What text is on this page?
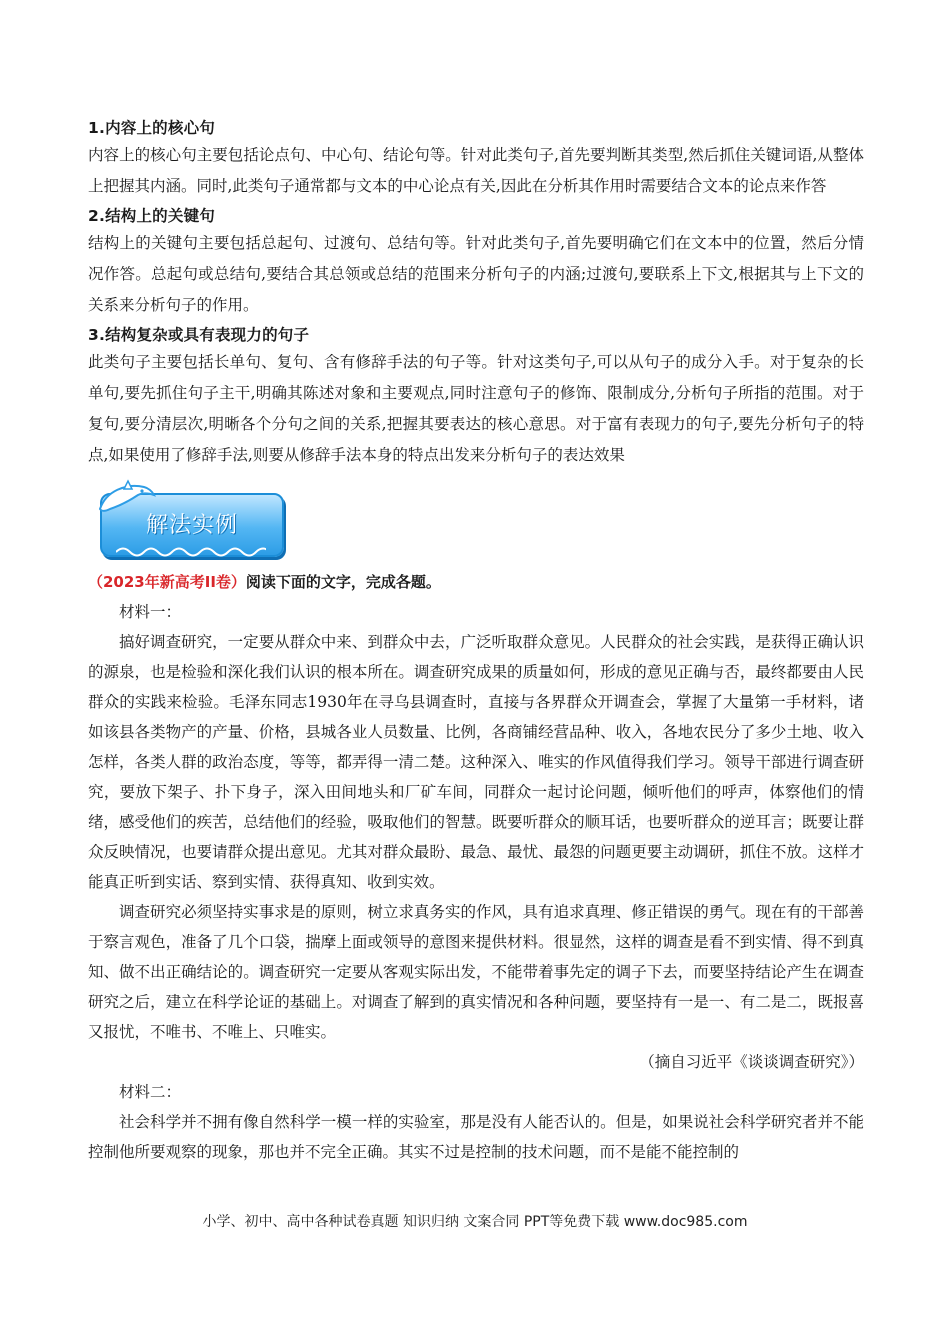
1.内容上的核心句

内容上的核心句主要包括论点句、中心句、结论句等。针对此类句子,首先要判断其类型,然后抓住关键词语,从整体上把握其内涵。同时,此类句子通常都与文本的中心论点有关,因此在分析其作用时需要结合文本的论点来作答

2.结构上的关键句

结构上的关键句主要包括总起句、过渡句、总结句等。针对此类句子,首先要明确它们在文本中的位置，然后分情况作答。总起句或总结句,要结合其总领或总结的范围来分析句子的内涵;过渡句,要联系上下文,根据其与上下文的关系来分析句子的作用。

3.结构复杂或具有表现力的句子

此类句子主要包括长单句、复句、含有修辞手法的句子等。针对这类句子,可以从句子的成分入手。对于复杂的长单句,要先抓住句子主干,明确其陈述对象和主要观点,同时注意句子的修饰、限制成分,分析句子所指的范围。对于复句,要分清层次,明晰各个分句之间的关系,把握其要表达的核心意思。对于富有表现力的句子,要先分析句子的特点,如果使用了修辞手法,则要从修辞手法本身的特点出发来分析句子的表达效果

解法实例

（2023年新高考II卷）阅读下面的文字，完成各题。

材料一：

搞好调查研究，一定要从群众中来、到群众中去，广泛听取群众意见。人民群众的社会实践，是获得正确认识的源泉，也是检验和深化我们认识的根本所在。调查研究成果的质量如何，形成的意见正确与否，最终都要由人民群众的实践来检验。毛泽东同志1930年在寻乌县调查时，直接与各界群众开调查会，掌握了大量第一手材料，诸如该县各类物产的产量、价格，县城各业人员数量、比例，各商铺经营品种、收入，各地农民分了多少土地、收入怎样，各类人群的政治态度，等等，都弄得一清二楚。这种深入、唯实的作风值得我们学习。领导干部进行调查研究，要放下架子、扑下身子，深入田间地头和厂矿车间，同群众一起讨论问题，倾听他们的呼声，体察他们的情绪，感受他们的疾苦，总结他们的经验，吸取他们的智慧。既要听群众的顺耳话，也要听群众的逆耳言；既要让群众反映情况，也要请群众提出意见。尤其对群众最盼、最急、最忧、最怨的问题更要主动调研，抓住不放。这样才能真正听到实话、察到实情、获得真知、收到实效。

调查研究必须坚持实事求是的原则，树立求真务实的作风，具有追求真理、修正错误的勇气。现在有的干部善于察言观色，准备了几个口袋，揣摩上面或领导的意图来提供材料。很显然，这样的调查是看不到实情、得不到真知、做不出正确结论的。调查研究一定要从客观实际出发，不能带着事先定的调子下去，而要坚持结论产生在调查研究之后，建立在科学论证的基础上。对调查了解到的真实情况和各种问题，要坚持有一是一、有二是二，既报喜又报忧，不唯书、不唯上、只唯实。

（摘自习近平《谈谈调查研究》）

材料二：

社会科学并不拥有像自然科学一模一样的实验室，那是没有人能否认的。但是，如果说社会科学研究者并不能控制他所要观察的现象，那也并不完全正确。其实不过是控制的技术问题，而不是能不能控制的

小学、初中、高中各种试卷真题 知识归纳 文案合同 PPT等免费下载 www.doc985.com
